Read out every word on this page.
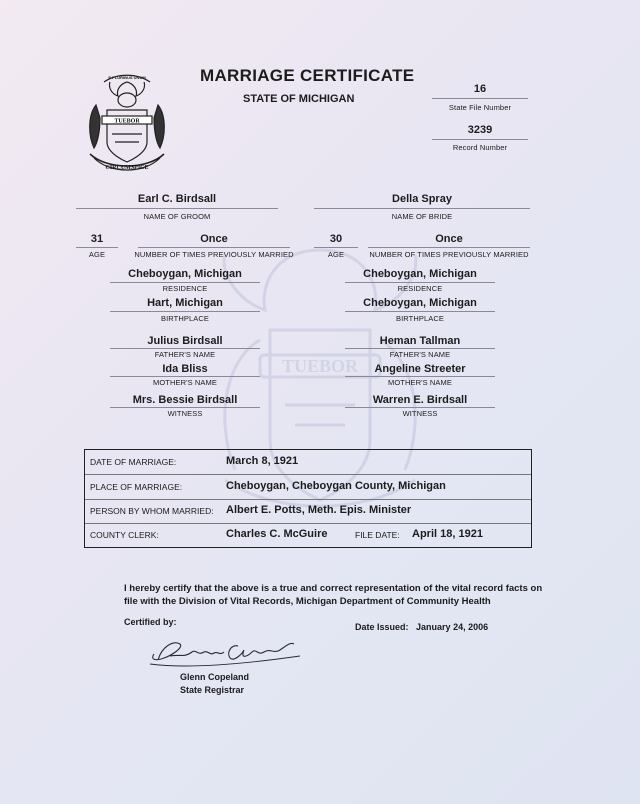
TUEBOR
E PLURIBUS UNUM
TUEBOR
CIRCUMSPICE
MARRIAGE CERTIFICATE
STATE OF MICHIGAN
16
State File Number
3239
Record Number
Earl C. Birdsall
NAME OF GROOM
Della Spray
NAME OF BRIDE
31
AGE
Once
NUMBER OF TIMES PREVIOUSLY MARRIED
30
AGE
Once
NUMBER OF TIMES PREVIOUSLY MARRIED
Cheboygan, Michigan
RESIDENCE
Cheboygan, Michigan
RESIDENCE
Hart, Michigan
BIRTHPLACE
Cheboygan, Michigan
BIRTHPLACE
Julius Birdsall
FATHER'S NAME
Heman Tallman
FATHER'S NAME
Ida Bliss
MOTHER'S NAME
Angeline Streeter
MOTHER'S NAME
Mrs. Bessie Birdsall
WITNESS
Warren E. Birdsall
WITNESS
DATE OF MARRIAGE:	March 8, 1921
PLACE OF MARRIAGE:	Cheboygan, Cheboygan County, Michigan
PERSON BY WHOM MARRIED: Albert E. Potts, Meth. Epis. Minister
COUNTY CLERK:	Charles C. McGuire	FILE DATE: April 18, 1921
I hereby certify that the above is a true and correct representation of the vital record facts on
file with the Division of Vital Records, Michigan Department of Community Health
Certified by:	Date Issued: January 24, 2006
Glenn Copeland
State Registrar
